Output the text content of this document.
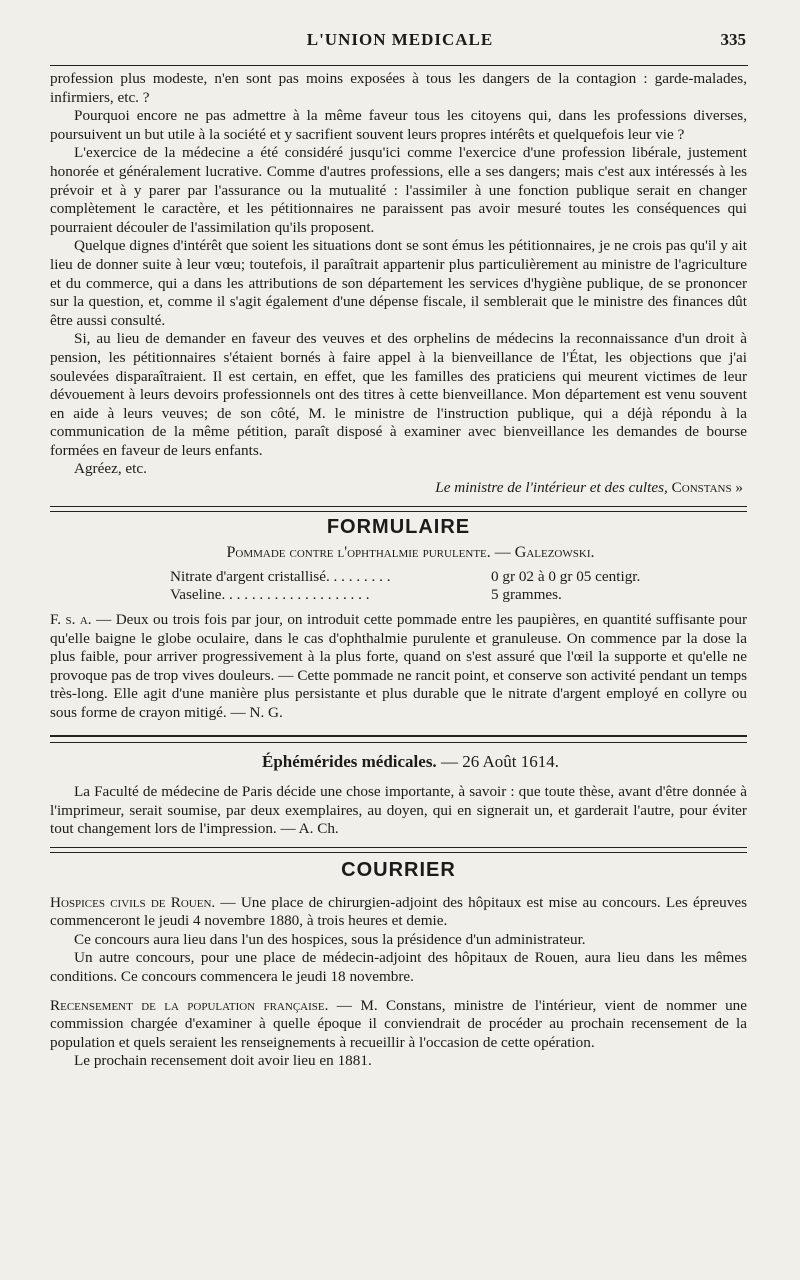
L'UNION MEDICALE	335

profession plus modeste, n'en sont pas moins exposées à tous les dangers de la contagion : garde-malades, infirmiers, etc. ?

Pourquoi encore ne pas admettre à la même faveur tous les citoyens qui, dans les professions diverses, poursuivent un but utile à la société et y sacrifient souvent leurs propres intérêts et quelquefois leur vie ?

L'exercice de la médecine a été considéré jusqu'ici comme l'exercice d'une profession libérale, justement honorée et généralement lucrative. Comme d'autres professions, elle a ses dangers; mais c'est aux intéressés à les prévoir et à y parer par l'assurance ou la mutualité : l'assimiler à une fonction publique serait en changer complètement le caractère, et les pétitionnaires ne paraissent pas avoir mesuré toutes les conséquences qui pourraient découler de l'assimilation qu'ils proposent.

Quelque dignes d'intérêt que soient les situations dont se sont émus les pétitionnaires, je ne crois pas qu'il y ait lieu de donner suite à leur vœu; toutefois, il paraîtrait appartenir plus particulièrement au ministre de l'agriculture et du commerce, qui a dans les attributions de son département les services d'hygiène publique, de se prononcer sur la question, et, comme il s'agit également d'une dépense fiscale, il semblerait que le ministre des finances dût être aussi consulté.

Si, au lieu de demander en faveur des veuves et des orphelins de médecins la reconnaissance d'un droit à pension, les pétitionnaires s'étaient bornés à faire appel à la bienveillance de l'État, les objections que j'ai soulevées disparaîtraient. Il est certain, en effet, que les familles des praticiens qui meurent victimes de leur dévouement à leurs devoirs professionnels ont des titres à cette bienveillance. Mon département est venu souvent en aide à leurs veuves; de son côté, M. le ministre de l'instruction publique, qui a déjà répondu à la communication de la même pétition, paraît disposé à examiner avec bienveillance les demandes de bourse formées en faveur de leurs enfants.

Agréez, etc.

Le ministre de l'intérieur et des cultes, Constans »

FORMULAIRE

Pommade contre l'ophthalmie purulente. — Galezowski.

Nitrate d'argent cristallisé. . . . . . . . .	0 gr 02 à 0 gr 05 centigr.
Vaseline. . . . . . . . . . . . . . . . . . . .	5 grammes.

F. s. a. — Deux ou trois fois par jour, on introduit cette pommade entre les paupières, en quantité suffisante pour qu'elle baigne le globe oculaire, dans le cas d'ophthalmie purulente et granuleuse. On commence par la dose la plus faible, pour arriver progressivement à la plus forte, quand on s'est assuré que l'œil la supporte et qu'elle ne provoque pas de trop vives douleurs. — Cette pommade ne rancit point, et conserve son activité pendant un temps très-long. Elle agit d'une manière plus persistante et plus durable que le nitrate d'argent employé en collyre ou sous forme de crayon mitigé. — N. G.

Éphémérides médicales. — 26 Août 1614.

La Faculté de médecine de Paris décide une chose importante, à savoir : que toute thèse, avant d'être donnée à l'imprimeur, serait soumise, par deux exemplaires, au doyen, qui en signerait un, et garderait l'autre, pour éviter tout changement lors de l'impression. — A. Ch.

COURRIER

Hospices civils de Rouen. — Une place de chirurgien-adjoint des hôpitaux est mise au concours. Les épreuves commenceront le jeudi 4 novembre 1880, à trois heures et demie.

Ce concours aura lieu dans l'un des hospices, sous la présidence d'un administrateur.

Un autre concours, pour une place de médecin-adjoint des hôpitaux de Rouen, aura lieu dans les mêmes conditions. Ce concours commencera le jeudi 18 novembre.

Recensement de la population française. — M. Constans, ministre de l'intérieur, vient de nommer une commission chargée d'examiner à quelle époque il conviendrait de procéder au prochain recensement de la population et quels seraient les renseignements à recueillir à l'occasion de cette opération.

Le prochain recensement doit avoir lieu en 1881.
